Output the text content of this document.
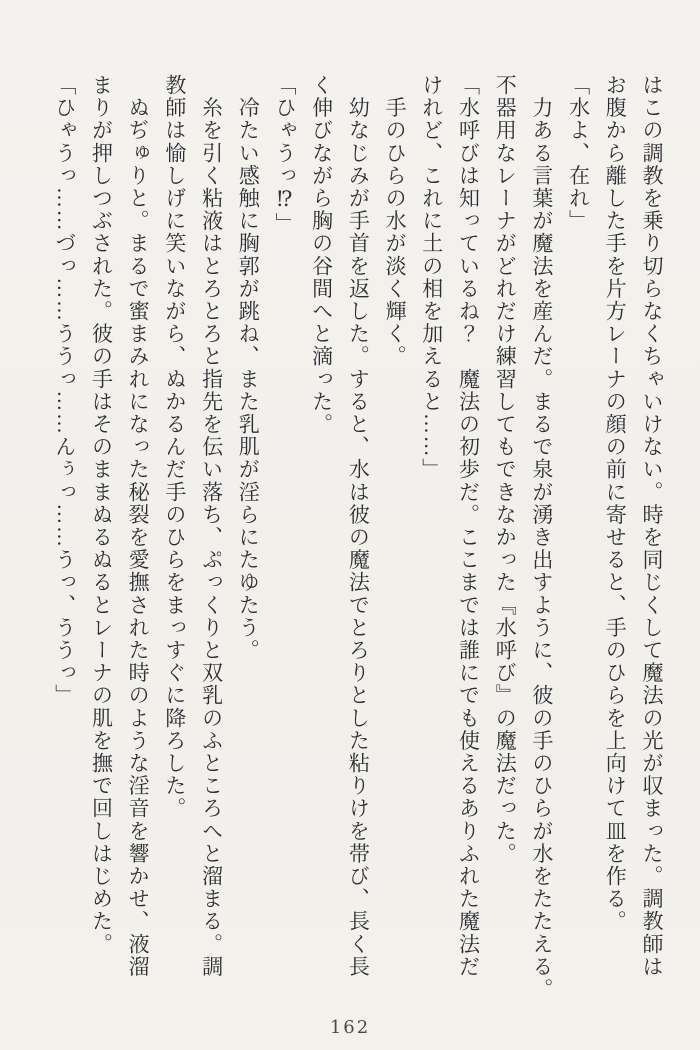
はこの調教を乗り切らなくちゃいけない。時を同じくして魔法の光が収まった。調教師は
お腹から離した手を片方レーナの顔の前に寄せると、手のひらを上向けて皿を作る。
「水よ、在れ」
　力ある言葉が魔法を産んだ。まるで泉が湧き出すように、彼の手のひらが水をたたえる。
不器用なレーナがどれだけ練習してもできなかった『水呼び』の魔法だった。
「水呼びは知っているね？　魔法の初歩だ。ここまでは誰にでも使えるありふれた魔法だ
けれど、これに土の相を加えると……」
　手のひらの水が淡く輝く。
　幼なじみが手首を返した。すると、水は彼の魔法でとろりとした粘りけを帯び、長く長
く伸びながら胸の谷間へと滴った。
「ひゃうっ⁉」
　冷たい感触に胸郭が跳ね、また乳肌が淫らにたゆたう。
　糸を引く粘液はとろとろと指先を伝い落ち、ぷっくりと双乳のふところへと溜まる。調
教師は愉しげに笑いながら、ぬかるんだ手のひらをまっすぐに降ろした。
　ぬぢゅりと。まるで蜜まみれになった秘裂を愛撫された時のような淫音を響かせ、液溜
まりが押しつぶされた。彼の手はそのままぬるぬるとレーナの肌を撫で回しはじめた。
「ひゃうっ……づっ……ううっ……んぅっ……うっ、ううっ」
162
